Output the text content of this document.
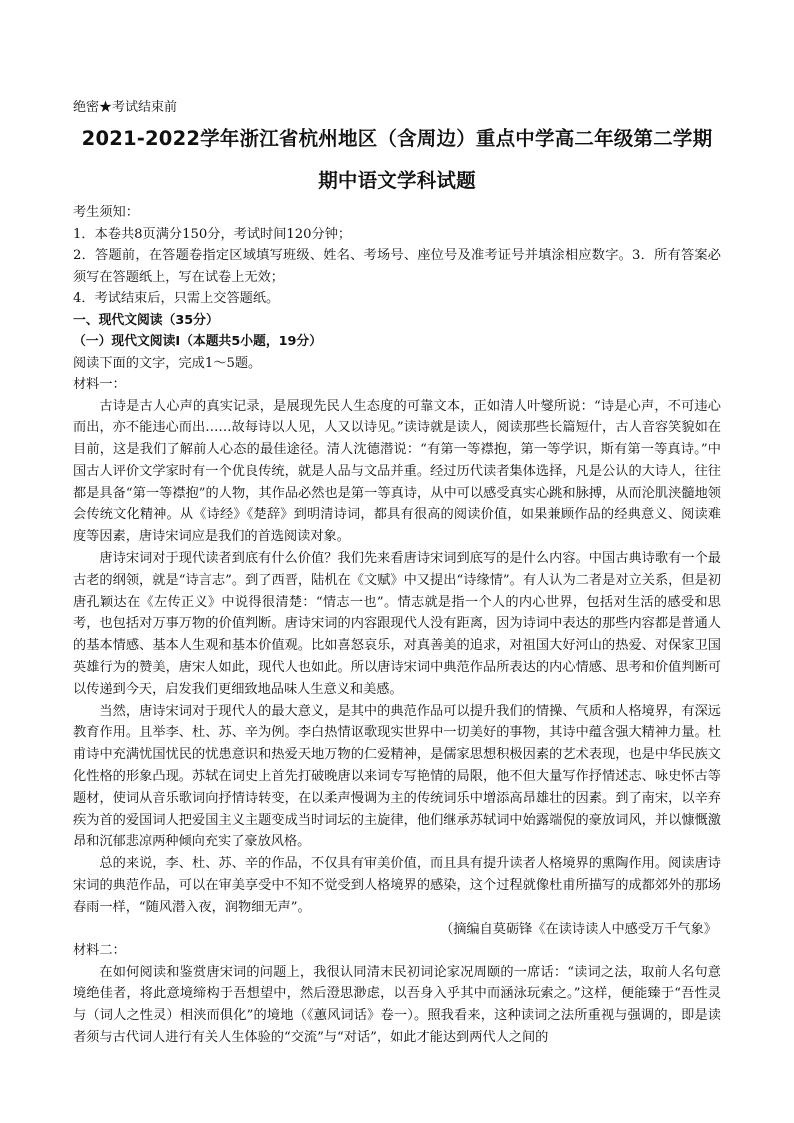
绝密★考试结束前
2021-2022学年浙江省杭州地区（含周边）重点中学高二年级第二学期
期中语文学科试题
考生须知：
1．本卷共8页满分150分，考试时间120分钟；
2．答题前，在答题卷指定区域填写班级、姓名、考场号、座位号及准考证号并填涂相应数字。3．所有答案必须写在答题纸上，写在试卷上无效；
4．考试结束后，只需上交答题纸。
一、现代文阅读（35分）
（一）现代文阅读Ⅰ（本题共5小题，19分）
阅读下面的文字，完成1～5题。
材料一：

古诗是古人心声的真实记录，是展现先民人生态度的可靠文本，正如清人叶燮所说：“诗是心声，不可违心而出，亦不能违心而出……故每诗以人见，人又以诗见。”读诗就是读人，阅读那些长篇短什，古人音容笑貌如在目前，这是我们了解前人心态的最佳途径。清人沈德潜说：“有第一等襟抱，第一等学识，斯有第一等真诗。”中国古人评价文学家时有一个优良传统，就是人品与文品并重。经过历代读者集体选择，凡是公认的大诗人，往往都是具备“第一等襟抱”的人物，其作品必然也是第一等真诗，从中可以感受真实心跳和脉搏，从而沦肌浃髓地领会传统文化精神。从《诗经》《楚辞》到明清诗词，都具有很高的阅读价值，如果兼顾作品的经典意义、阅读难度等因素，唐诗宋词应是我们的首选阅读对象。

唐诗宋词对于现代读者到底有什么价值？我们先来看唐诗宋词到底写的是什么内容。中国古典诗歌有一个最古老的纲领，就是“诗言志”。到了西晋，陆机在《文赋》中又提出“诗缘情”。有人认为二者是对立关系，但是初唐孔颖达在《左传正义》中说得很清楚：“情志一也”。情志就是指一个人的内心世界，包括对生活的感受和思考，也包括对万事万物的价值判断。唐诗宋词的内容跟现代人没有距离，因为诗词中表达的那些内容都是普通人的基本情感、基本人生观和基本价值观。比如喜怒哀乐，对真善美的追求，对祖国大好河山的热爱、对保家卫国英雄行为的赞美，唐宋人如此，现代人也如此。所以唐诗宋词中典范作品所表达的内心情感、思考和价值判断可以传递到今天，启发我们更细致地品味人生意义和美感。

当然，唐诗宋词对于现代人的最大意义，是其中的典范作品可以提升我们的情操、气质和人格境界，有深远教育作用。且举李、杜、苏、辛为例。李白热情讴歌现实世界中一切美好的事物，其诗中蕴含强大精神力量。杜甫诗中充满忧国忧民的忧患意识和热爱天地万物的仁爱精神，是儒家思想积极因素的艺术表现，也是中华民族文化性格的形象凸现。苏轼在词史上首先打破晚唐以来词专写艳情的局限，他不但大量写作抒情述志、咏史怀古等题材，使词从音乐歌词向抒情诗转变，在以柔声慢调为主的传统词乐中增添高昂雄壮的因素。到了南宋，以辛弃疾为首的爱国词人把爱国主义主题变成当时词坛的主旋律，他们继承苏轼词中始露端倪的豪放词风，并以慷慨激昂和沉郁悲凉两种倾向充实了豪放风格。

总的来说，李、杜、苏、辛的作品，不仅具有审美价值，而且具有提升读者人格境界的熏陶作用。阅读唐诗宋词的典范作品，可以在审美享受中不知不觉受到人格境界的感染，这个过程就像杜甫所描写的成都郊外的那场春雨一样，“随风潜入夜，润物细无声”。

（摘编自莫砺锋《在读诗读人中感受万千气象》
材料二：

在如何阅读和鉴赏唐宋词的问题上，我很认同清末民初词论家况周颐的一席话：“读词之法，取前人名句意境绝佳者，将此意境缔构于吾想望中，然后澄思渺虑，以吾身入乎其中而涵泳玩索之。”这样，便能臻于“吾性灵与（词人之性灵）相浃而俱化”的境地（《蕙风词话》卷一）。照我看来，这种读词之法所重视与强调的，即是读者须与古代词人进行有关人生体验的“交流”与“对话”，如此才能达到两代人之间的
